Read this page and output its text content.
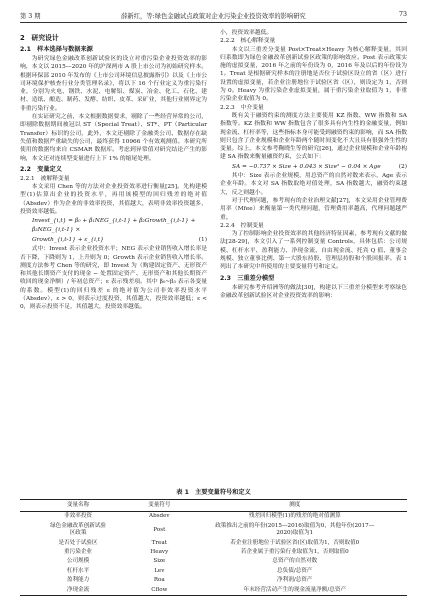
第 3 期	薛新红，等:绿色金融试点政策对企业污染企业投资效率的影响研究	73
2　研究设计
2.1　样本选择与数据来源

为研究绿色金融改革创新试验区的设立对重污染企业投资效率的影响，本文以 2015—2020 年的沪深两市 A 股上市公司为初始研究样本。根据环保部 2010 年发布的《上市公司环境信息披露指引》以及《上市公司环境保护核查行业分类管理名录》，将以下 16 个行业定义为重污染行业，分别为火电、钢铁、水泥、电解铝、煤炭、冶金、化工、石化、建材、造纸、酿造、制药、发酵、纺织、皮革、采矿业，其他行业则界定为非重污染行业。

在实证研究之前，本文根据数据要求，剔除了一些经营异常的公司，即剔除数据期间被冠以 ST（Special Treat）、ST*、PT（Particular Transfer）标识的公司，此外，本文还剔除了金融类公司、数据存在缺失值和数据严重缺失的公司，最终获得 10966 个有效观测值。本研究所使用的数据均来自 CSMAR 数据库。考虑到异常值对研究结论产生的影响，本文还对连续型变量进行上下 1% 的缩尾处理。

2.2　变量定义
2.2.1　被解释变量

本文采用 Chen 等的方法对企业投资效率进行衡量[25]。先构建模型(1)估算出企业的投资水平，再用该模型的回归残差的绝对值（Absdev）作为企业的非效率投资，其值越大，表明非效率投资越多，投资效率越低。

Invest_{i,t} = β₀ + β₁NEG_{i,t-1} + β₂Growth_{i,t-1} + β₃NEG_{i,t-1} ×
Growth_{i,t-1} + ε_{i,t}	(1)

式中：Invest 表示企业投资水平；NEG 表示企业销售收入增长率是否下降，下降则为 1，上升则为 0；Growth 表示企业销售收入增长率。测度方法参考 Chen 等的研究，即 Invest 为（购建固定资产、无形资产和其他长期资产支付的现金 − 处置固定资产、无形资产和其他长期资产收回的现金净额）/ 年初总资产；ε 表示残差项。其中 β₀~β₃ 表示各变量的系数。模型(1)的回归残差 ε 的绝对值为公司非效率投资水平（Absdev），ε > 0，则表示过度投资，其值越大，投资效率越低；ε < 0，则表示投资不足，其值越大，投资效率越低。

小，投资效率越低。

2.2.2　核心解释变量

本文以三重差分变量 Post×Treat×Heavy 为核心解释变量，其回归系数即为绿色金融改革创新试验区政策的影响效应。Post 表示政策实施的虚拟变量，2016 年之前的年份设为 0，2016 年及以后的年份设为 1。Treat 是根据研究样本的注册地是否位于试验区设立的省（区）进行设置的虚拟变量，若企业注册地位于试验区省（区），则设定为 1，否则为 0。Heavy 为重污染企业虚拟变量，属于重污染企业取值为 1，非重污染企业取值为 0。

2.2.3　中介变量

既有关于融资约束的测度方法主要使用 KZ 指数、WW 指数和 SA 指数等。KZ 指数和 WW 指数包含了很多具有内生性的金融变量，例如现金流、杠杆率等，这些指标本身可能受到融资约束的影响，而 SA 指数则只包含了企业规模和企业年龄两个随时间变化不大且具有很强外生性的变量。综上，本文参考鞠晓生等的研究[26]，通过企业规模和企业年龄构建 SA 指数来衡量融资约束，公式如下：

SA = −0.737 × Size + 0.043 × Size² − 0.04 × Age	(2)

其中：Size 表示企业规模，用总资产的自然对数来表示，Age 表示企业年龄。本文对 SA 指数取绝对值处理，SA 指数越大，融资约束越大，反之则越小。

对于代理问题，参考现有的企业治理文献[27]，本文采用企业管理费用率（Mfee）来衡量第一类代理问题，管理费用率越高，代理问题越严重。

2.2.4　控制变量

为了控制影响企业投资效率的其他经济特征因素，参考现有文献的做法[28-29]，本文引入了一系列控制变量 Controls，具体包括：公司规模、杠杆水平、盈利能力、净现金流、自由现金流、托宾 Q 值、董事会规模、独立董事比例、第一大股东持股、管理层持股和个股回报率。表 1 列出了本研究中所使用的主要变量符号和定义。

2.3　三重差分模型

本研究参考齐绍洲等的做法[30]，构建以下三重差分模型来考察绿色金融改革创新试验区对企业投资效率的影响：

表 1　主要变量符号和定义
变量名称	变量符号	测度
非效率投资	Absdev	残差回归模型(1)的残差的绝对值测算
绿色金融改革创新试验
区政策	Post	政策推出之前的年份(2015—2016)取值为0，其他年份(2017—
2020)取值为1
是否处于试验区	Treat	若企业注册地位于试验区省(区)取值为1，否则取值0
重污染企业	Heavy	若企业属于重污染行业取值为1，否则取值0
公司规模	Size	总资产的自然对数
杠杆水平	Lev	总负债/总资产
盈利能力	Roa	净利润/总资产
净现金流	Cflow	年末经营活动产生的现金流量净额/总资产
